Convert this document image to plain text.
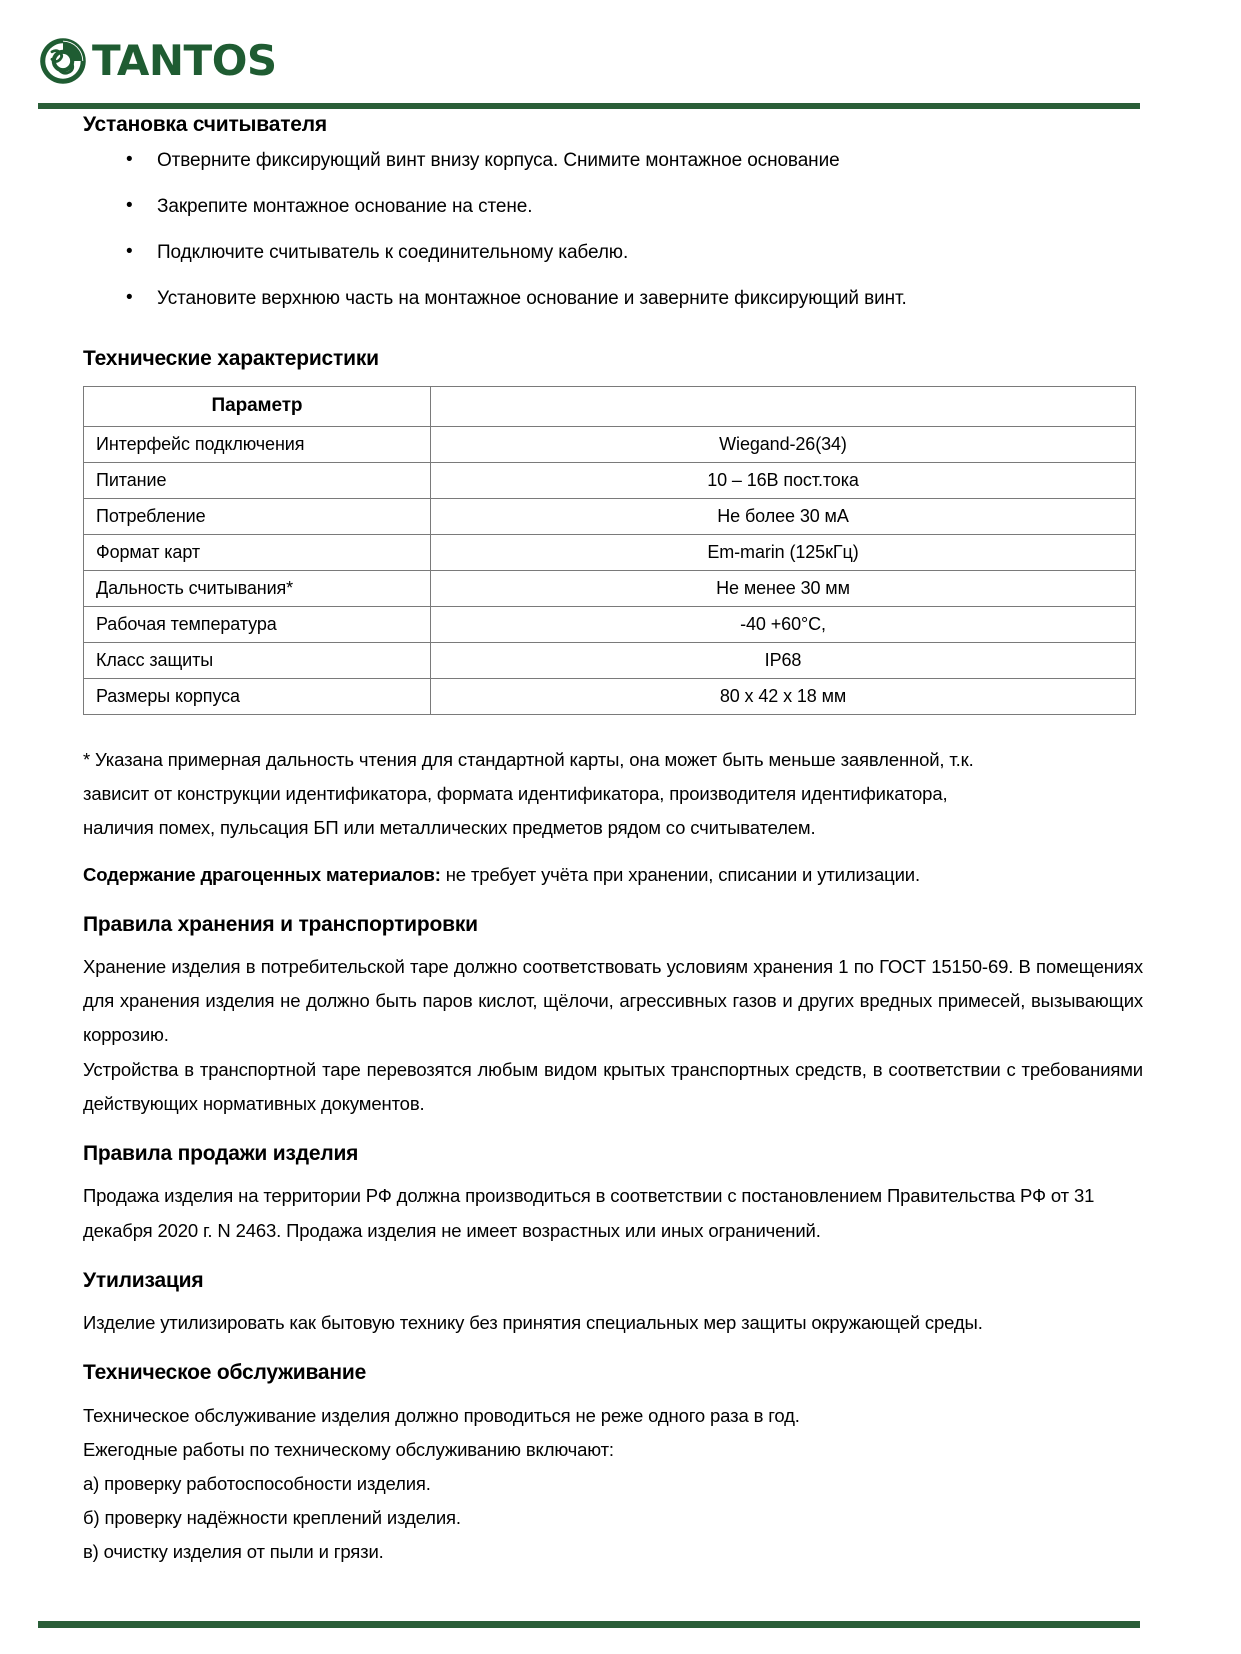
TANTOS
Установка считывателя
• Отверните фиксирующий винт внизу корпуса. Снимите монтажное основание
• Закрепите монтажное основание на стене.
• Подключите считыватель к соединительному кабелю.
• Установите верхнюю часть на монтажное основание и заверните фиксирующий винт.
Технические характеристики
Параметр	
Интерфейс подключения	Wiegand-26(34)
Питание	10 – 16В пост.тока
Потребление	Не более 30 мА
Формат карт	Em-marin (125кГц)
Дальность считывания*	Не менее 30 мм
Рабочая температура	-40 +60°С,
Класс защиты	IP68
Размеры корпуса	80 х 42 х 18 мм

* Указана примерная дальность чтения для стандартной карты, она может быть меньше заявленной, т.к.

зависит от конструкции идентификатора, формата идентификатора, производителя идентификатора,

наличия помех, пульсация БП или металлических предметов рядом со считывателем.

Содержание драгоценных материалов: не требует учёта при хранении, списании и утилизации.

Правила хранения и транспортировки

Хранение изделия в потребительской таре должно соответствовать условиям хранения 1 по ГОСТ 15150-69. В помещениях для хранения изделия не должно быть паров кислот, щёлочи, агрессивных газов и других вредных примесей, вызывающих коррозию.

Устройства в транспортной таре перевозятся любым видом крытых транспортных средств, в соответствии с требованиями действующих нормативных документов.

Правила продажи изделия

Продажа изделия на территории РФ должна производиться в соответствии с постановлением Правительства РФ от 31 декабря 2020 г. N 2463. Продажа изделия не имеет возрастных или иных ограничений.

Утилизация

Изделие утилизировать как бытовую технику без принятия специальных мер защиты окружающей среды.

Техническое обслуживание

Техническое обслуживание изделия должно проводиться не реже одного раза в год.

Ежегодные работы по техническому обслуживанию включают:

а) проверку работоспособности изделия.

б) проверку надёжности креплений изделия.

в) очистку изделия от пыли и грязи.
